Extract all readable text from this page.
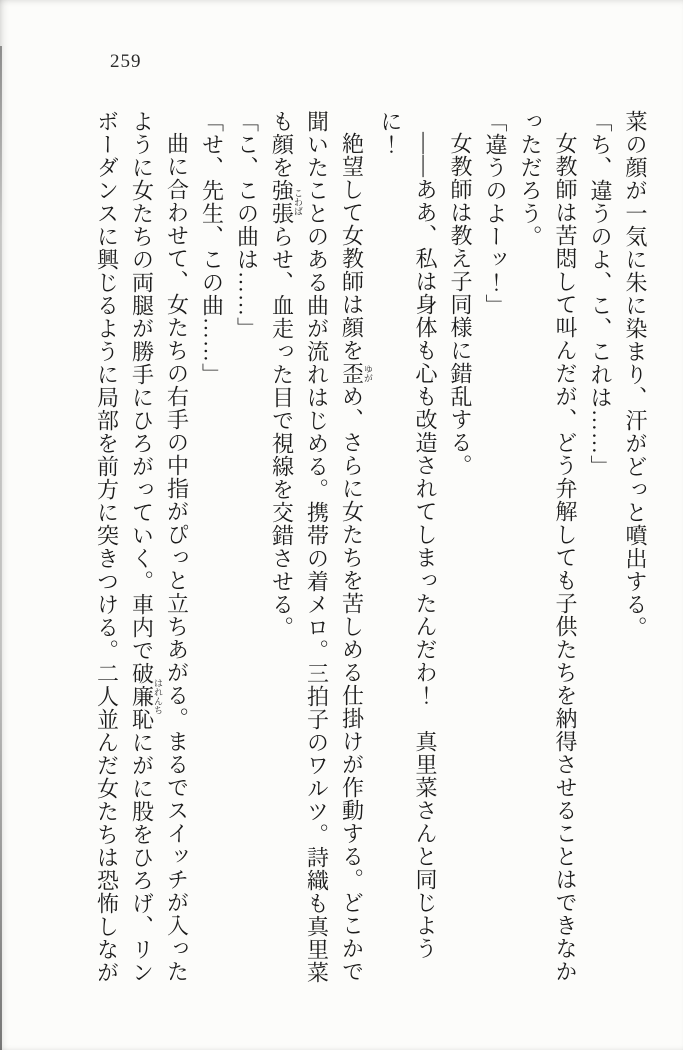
259

菜の顔が一気に朱に染まり、汗がどっと噴出する。

「ち、違うのよ、こ、これは……」

女教師は苦悶して叫んだが、どう弁解しても子供たちを納得させることはできなかっただろう。

「違うのよーッ！」

女教師は教え子同様に錯乱する。

――ああ、私は身体も心も改造されてしまったんだわ！　真里菜さんと同じように！

絶望して女教師は顔を歪ゆがめ、さらに女たちを苦しめる仕掛けが作動する。どこかで聞いたことのある曲が流れはじめる。携帯の着メロ。三拍子のワルツ。詩織も真里菜も顔を強張こわばらせ、血走った目で視線を交錯させる。

「こ、この曲は……」

「せ、先生、この曲……」

曲に合わせて、女たちの右手の中指がぴっと立ちあがる。まるでスイッチが入ったように女たちの両腿が勝手にひろがっていく。車内で破廉恥はれんちにがに股をひろげ、リンボーダンスに興じるように局部を前方に突きつける。二人並んだ女たちは恐怖しなが
